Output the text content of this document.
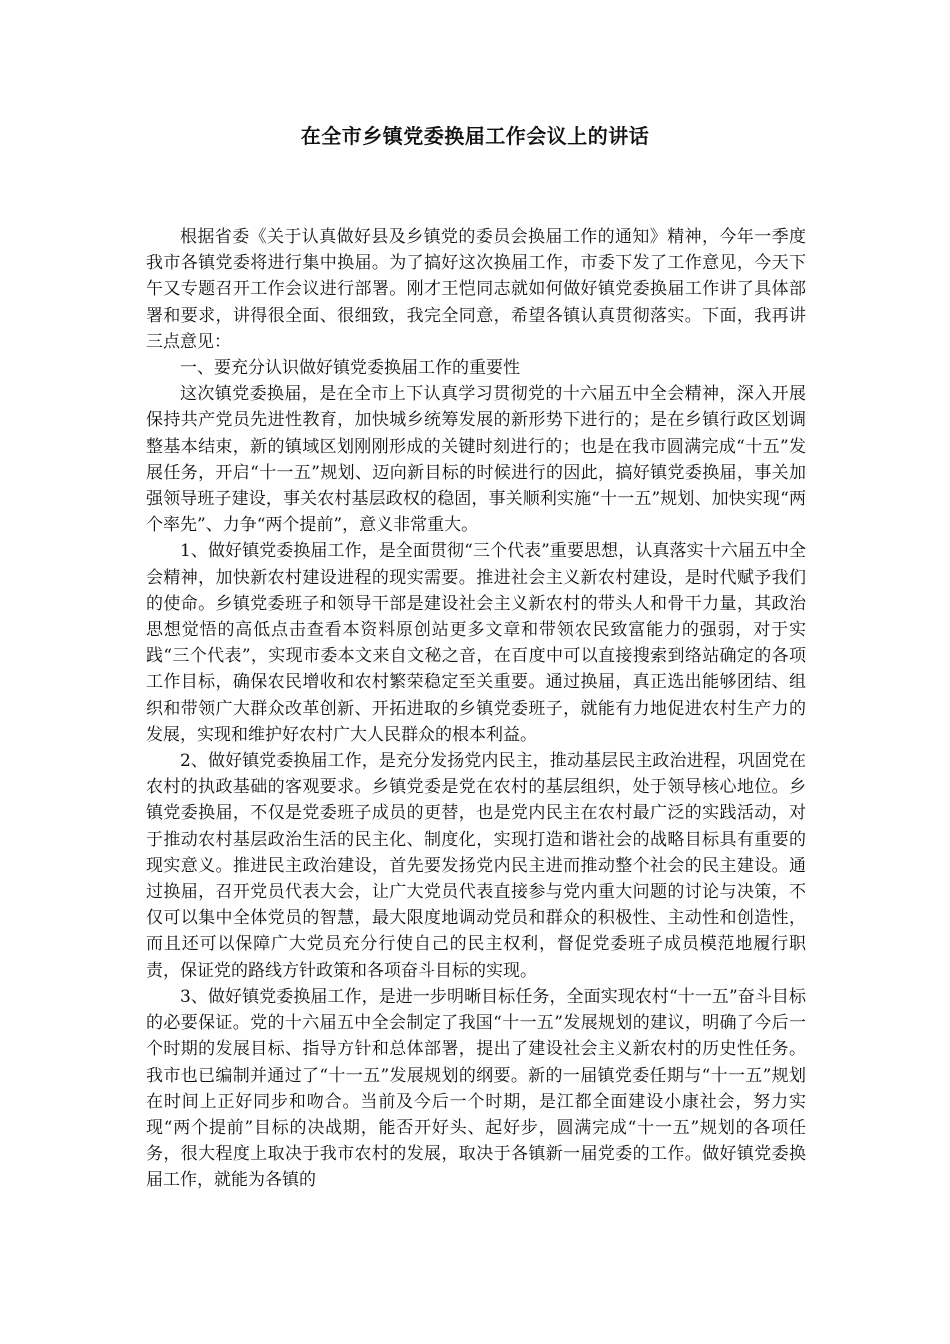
在全市乡镇党委换届工作会议上的讲话

根据省委《关于认真做好县及乡镇党的委员会换届工作的通知》精神，今年一季度我市各镇党委将进行集中换届。为了搞好这次换届工作，市委下发了工作意见，今天下午又专题召开工作会议进行部署。刚才王恺同志就如何做好镇党委换届工作讲了具体部署和要求，讲得很全面、很细致，我完全同意，希望各镇认真贯彻落实。下面，我再讲三点意见：

一、要充分认识做好镇党委换届工作的重要性

这次镇党委换届，是在全市上下认真学习贯彻党的十六届五中全会精神，深入开展保持共产党员先进性教育，加快城乡统筹发展的新形势下进行的；是在乡镇行政区划调整基本结束，新的镇域区划刚刚形成的关键时刻进行的；也是在我市圆满完成“十五”发展任务，开启“十一五”规划、迈向新目标的时候进行的因此，搞好镇党委换届，事关加强领导班子建设，事关农村基层政权的稳固，事关顺利实施“十一五”规划、加快实现“两个率先”、力争“两个提前”，意义非常重大。

1、做好镇党委换届工作，是全面贯彻“三个代表”重要思想，认真落实十六届五中全会精神，加快新农村建设进程的现实需要。推进社会主义新农村建设，是时代赋予我们的使命。乡镇党委班子和领导干部是建设社会主义新农村的带头人和骨干力量，其政治思想觉悟的高低点击查看本资料原创站更多文章和带领农民致富能力的强弱，对于实践“三个代表”，实现市委本文来自文秘之音，在百度中可以直接搜索到络站确定的各项工作目标，确保农民增收和农村繁荣稳定至关重要。通过换届，真正选出能够团结、组织和带领广大群众改革创新、开拓进取的乡镇党委班子，就能有力地促进农村生产力的发展，实现和维护好农村广大人民群众的根本利益。

2、做好镇党委换届工作，是充分发扬党内民主，推动基层民主政治进程，巩固党在农村的执政基础的客观要求。乡镇党委是党在农村的基层组织，处于领导核心地位。乡镇党委换届，不仅是党委班子成员的更替，也是党内民主在农村最广泛的实践活动，对于推动农村基层政治生活的民主化、制度化，实现打造和谐社会的战略目标具有重要的现实意义。推进民主政治建设，首先要发扬党内民主进而推动整个社会的民主建设。通过换届，召开党员代表大会，让广大党员代表直接参与党内重大问题的讨论与决策，不仅可以集中全体党员的智慧，最大限度地调动党员和群众的积极性、主动性和创造性，而且还可以保障广大党员充分行使自己的民主权利，督促党委班子成员模范地履行职责，保证党的路线方针政策和各项奋斗目标的实现。

3、做好镇党委换届工作，是进一步明晰目标任务，全面实现农村“十一五”奋斗目标的必要保证。党的十六届五中全会制定了我国“十一五”发展规划的建议，明确了今后一个时期的发展目标、指导方针和总体部署，提出了建设社会主义新农村的历史性任务。我市也已编制并通过了“十一五”发展规划的纲要。新的一届镇党委任期与“十一五”规划在时间上正好同步和吻合。当前及今后一个时期，是江都全面建设小康社会，努力实现“两个提前”目标的决战期，能否开好头、起好步，圆满完成“十一五”规划的各项任务，很大程度上取决于我市农村的发展，取决于各镇新一届党委的工作。做好镇党委换届工作，就能为各镇的
